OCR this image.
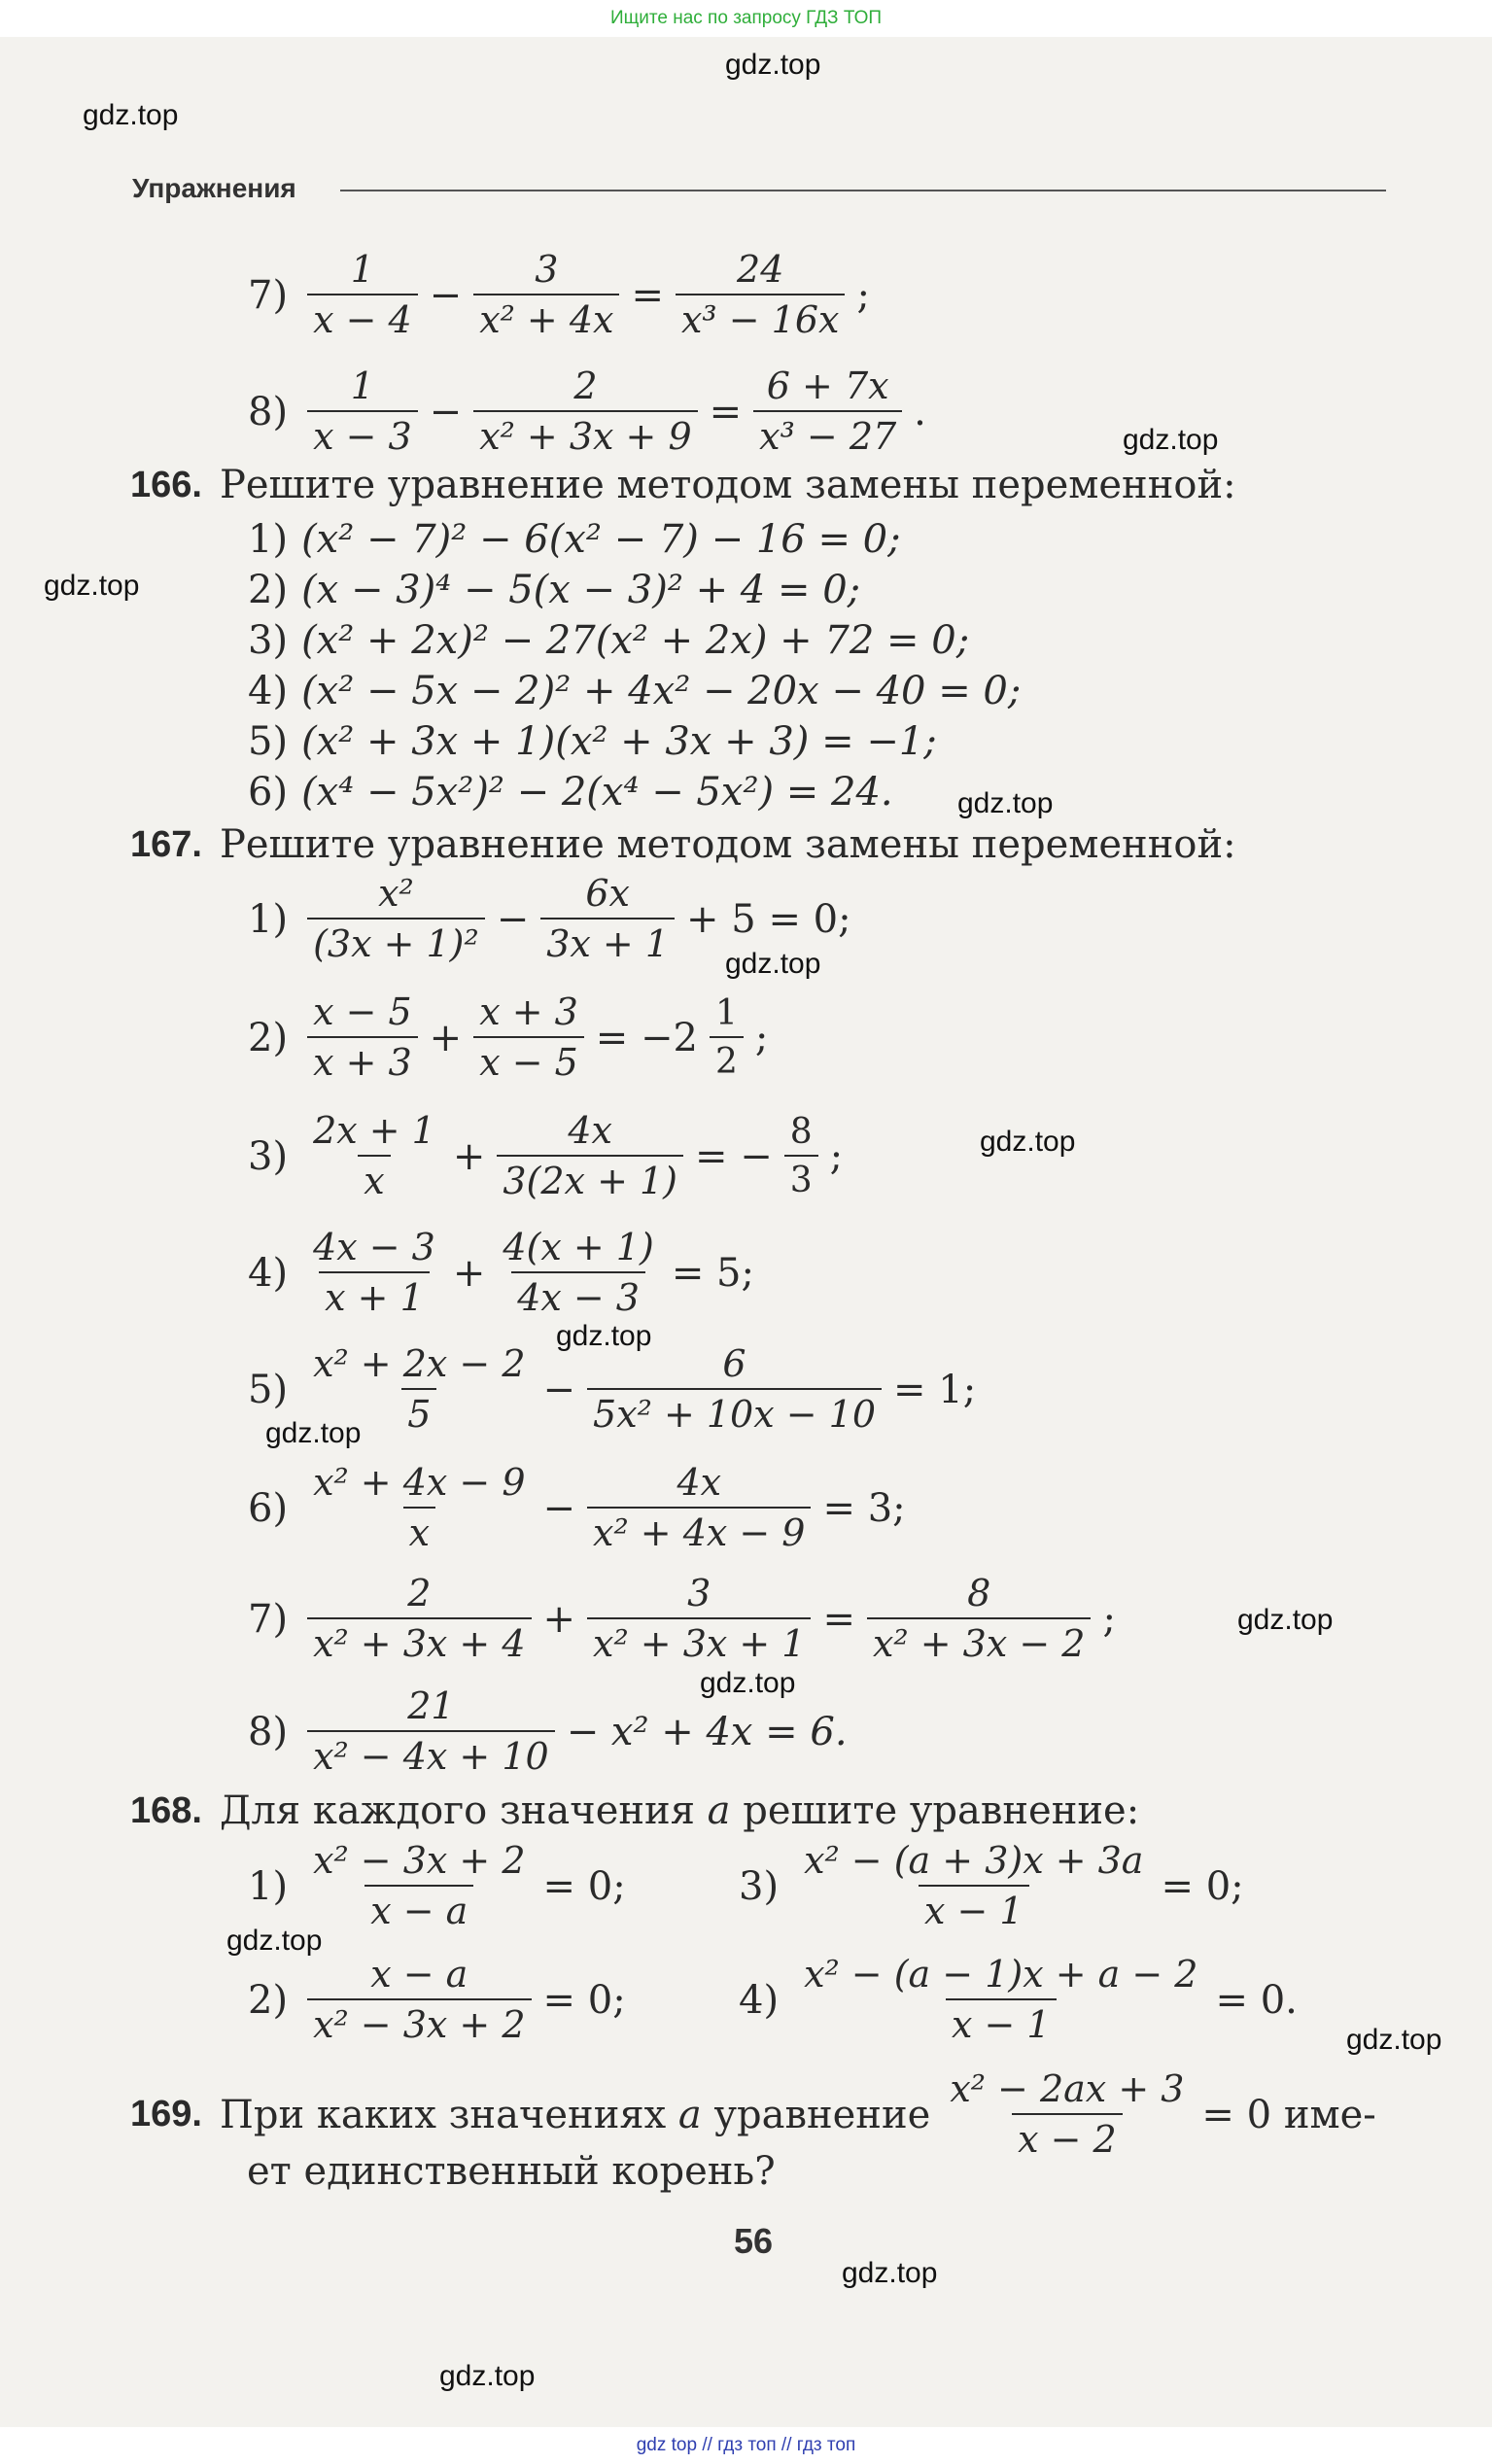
Ищите нас по запросу ГДЗ ТОП
gdz.top
gdz.top
gdz.top
gdz.top
gdz.top
gdz.top
gdz.top
gdz.top
gdz.top
gdz.top
gdz.top
gdz.top
gdz.top
gdz.top
gdz.top
Упражнения
$7) \frac{1}{x - 4} - \frac{3}{\text{x² + 4x}} = \frac{24}{\text{x³ − 16x}}$ ;
$8) \frac{1}{x - 3} - \frac{2}{\text{x² + 3x + 9}} = \frac{6 + 7x}{\text{x³ − 27}}$ .
166. Решите уравнение методом замены переменной:
1) (x² − 7)² − 6(x² − 7) − 16 = 0;
2) (x − 3)⁴ − 5(x − 3)² + 4 = 0;
3) (x² + 2x)² − 27(x² + 2x) + 72 = 0;
4) (x² − 5x − 2)² + 4x² − 20x − 40 = 0;
5) (x² + 3x + 1)(x² + 3x + 3) = −1;
6) (x⁴ − 5x²)² − 2(x⁴ − 5x²) = 24.
167. Решите уравнение методом замены переменной:
$1) \frac{\text{x²}}{\text{(3x + 1)²}} - \frac{6x}{3x + 1} + 5 = 0$;
$2) \frac{x - 5}{x + 3} + \frac{x + 3}{x - 5} = -2 \frac{1}{2}$ ;
$3) \frac{2x + 1}{x} + \frac{4x}{3(2x + 1)}$ = − $\frac{8}{3}$ ;
$4) \frac{4x - 3}{x + 1} + \frac{4(x + 1)}{4x - 3} = 5$;
$5) \frac{\text{x² + 2x − 2}}{5} - \frac{6}{\text{5x² + 10x − 10}} = 1$;
$6) \frac{\text{x² + 4x − 9}}{x} - \frac{4x}{\text{x² + 4x − 9}} = 3$;
$7) \frac{2}{\text{x² + 3x + 4}} + \frac{3}{\text{x² + 3x + 1}} = \frac{8}{\text{x² + 3x − 2}}$ ;
$8) \frac{21}{\text{x² − 4x + 10}} - x^2 + 4x = 6$.
168. Для каждого значения
a
решите уравнение:
$1) \frac{\text{x² − 3x + 2}}{x - a} = 0$;	$3) \frac{\text{x² − (a + 3)x + 3a}}{x - 1} = 0$;
$2) \frac{x - a}{\text{x² − 3x + 2}} = 0$;	$4) \frac{\text{x² − (a − 1)x + a − 2}}{x - 1} = 0$.
169. При каких значениях
a
уравнение $\frac{\text{x² − 2ax + 3}}{x - 2} = 0$ име-
ет единственный корень?
56
gdz top // гдз топ // гдз топ
